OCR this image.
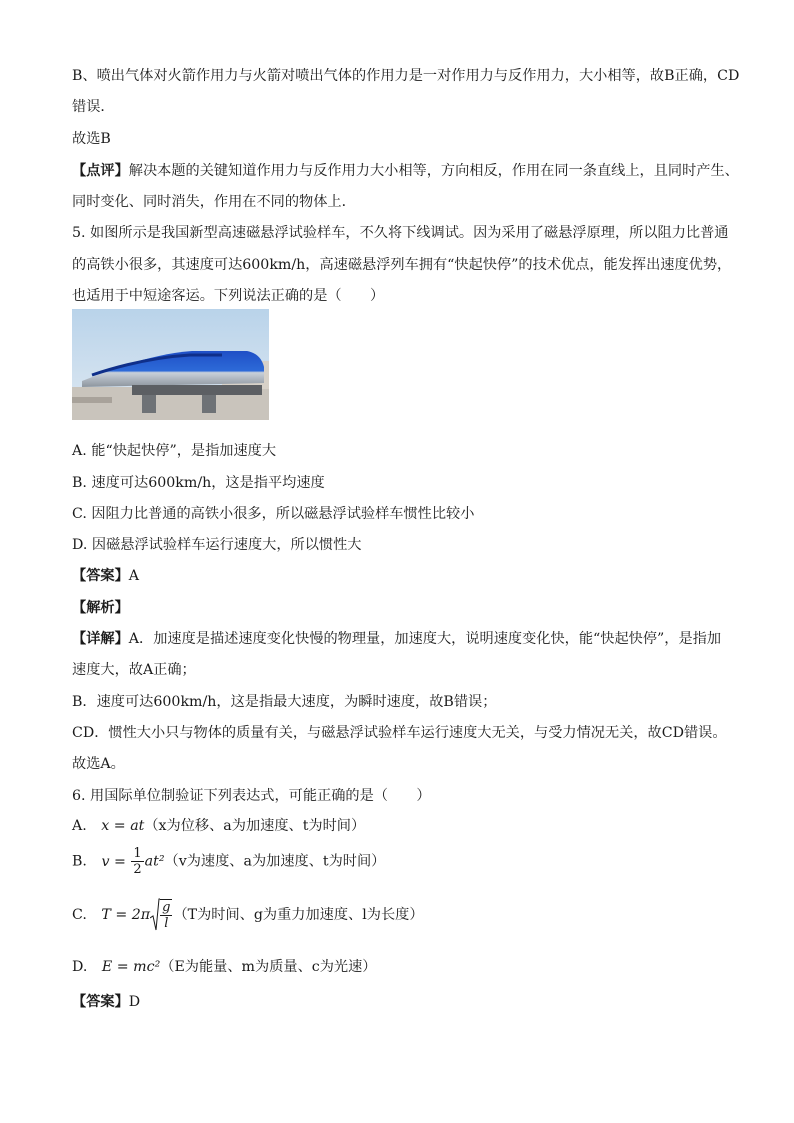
B、喷出气体对火箭作用力与火箭对喷出气体的作用力是一对作用力与反作用力，大小相等，故B正确，CD
错误．
故选B
【点评】解决本题的关键知道作用力与反作用力大小相等，方向相反，作用在同一条直线上，且同时产生、
同时变化、同时消失，作用在不同的物体上．
5. 如图所示是我国新型高速磁悬浮试验样车，不久将下线调试。因为采用了磁悬浮原理，所以阻力比普通
的高铁小很多，其速度可达600km/h，高速磁悬浮列车拥有“快起快停”的技术优点，能发挥出速度优势，
也适用于中短途客运。下列说法正确的是（　　）
A. 能“快起快停”，是指加速度大
B. 速度可达600km/h，这是指平均速度
C. 因阻力比普通的高铁小很多，所以磁悬浮试验样车惯性比较小
D. 因磁悬浮试验样车运行速度大，所以惯性大
【答案】A
【解析】
【详解】A．加速度是描述速度变化快慢的物理量，加速度大，说明速度变化快，能“快起快停”，是指加
速度大，故A正确；
B．速度可达600km/h，这是指最大速度，为瞬时速度，故B错误；
CD．惯性大小只与物体的质量有关，与磁悬浮试验样车运行速度大无关，与受力情况无关，故CD错误。
故选A。
6. 用国际单位制验证下列表达式，可能正确的是（　　）
A. x = at（x为位移、a为加速度、t为时间）
B. $v = \frac{1}{2} at^2(v$为速度、a为加速度、t为时间）
C. $T = 2\pi \frac{g}{l} (T$为时间、g为重力加速度、l为长度）
D. E = mc²（E为能量、m为质量、c为光速）
【答案】D
